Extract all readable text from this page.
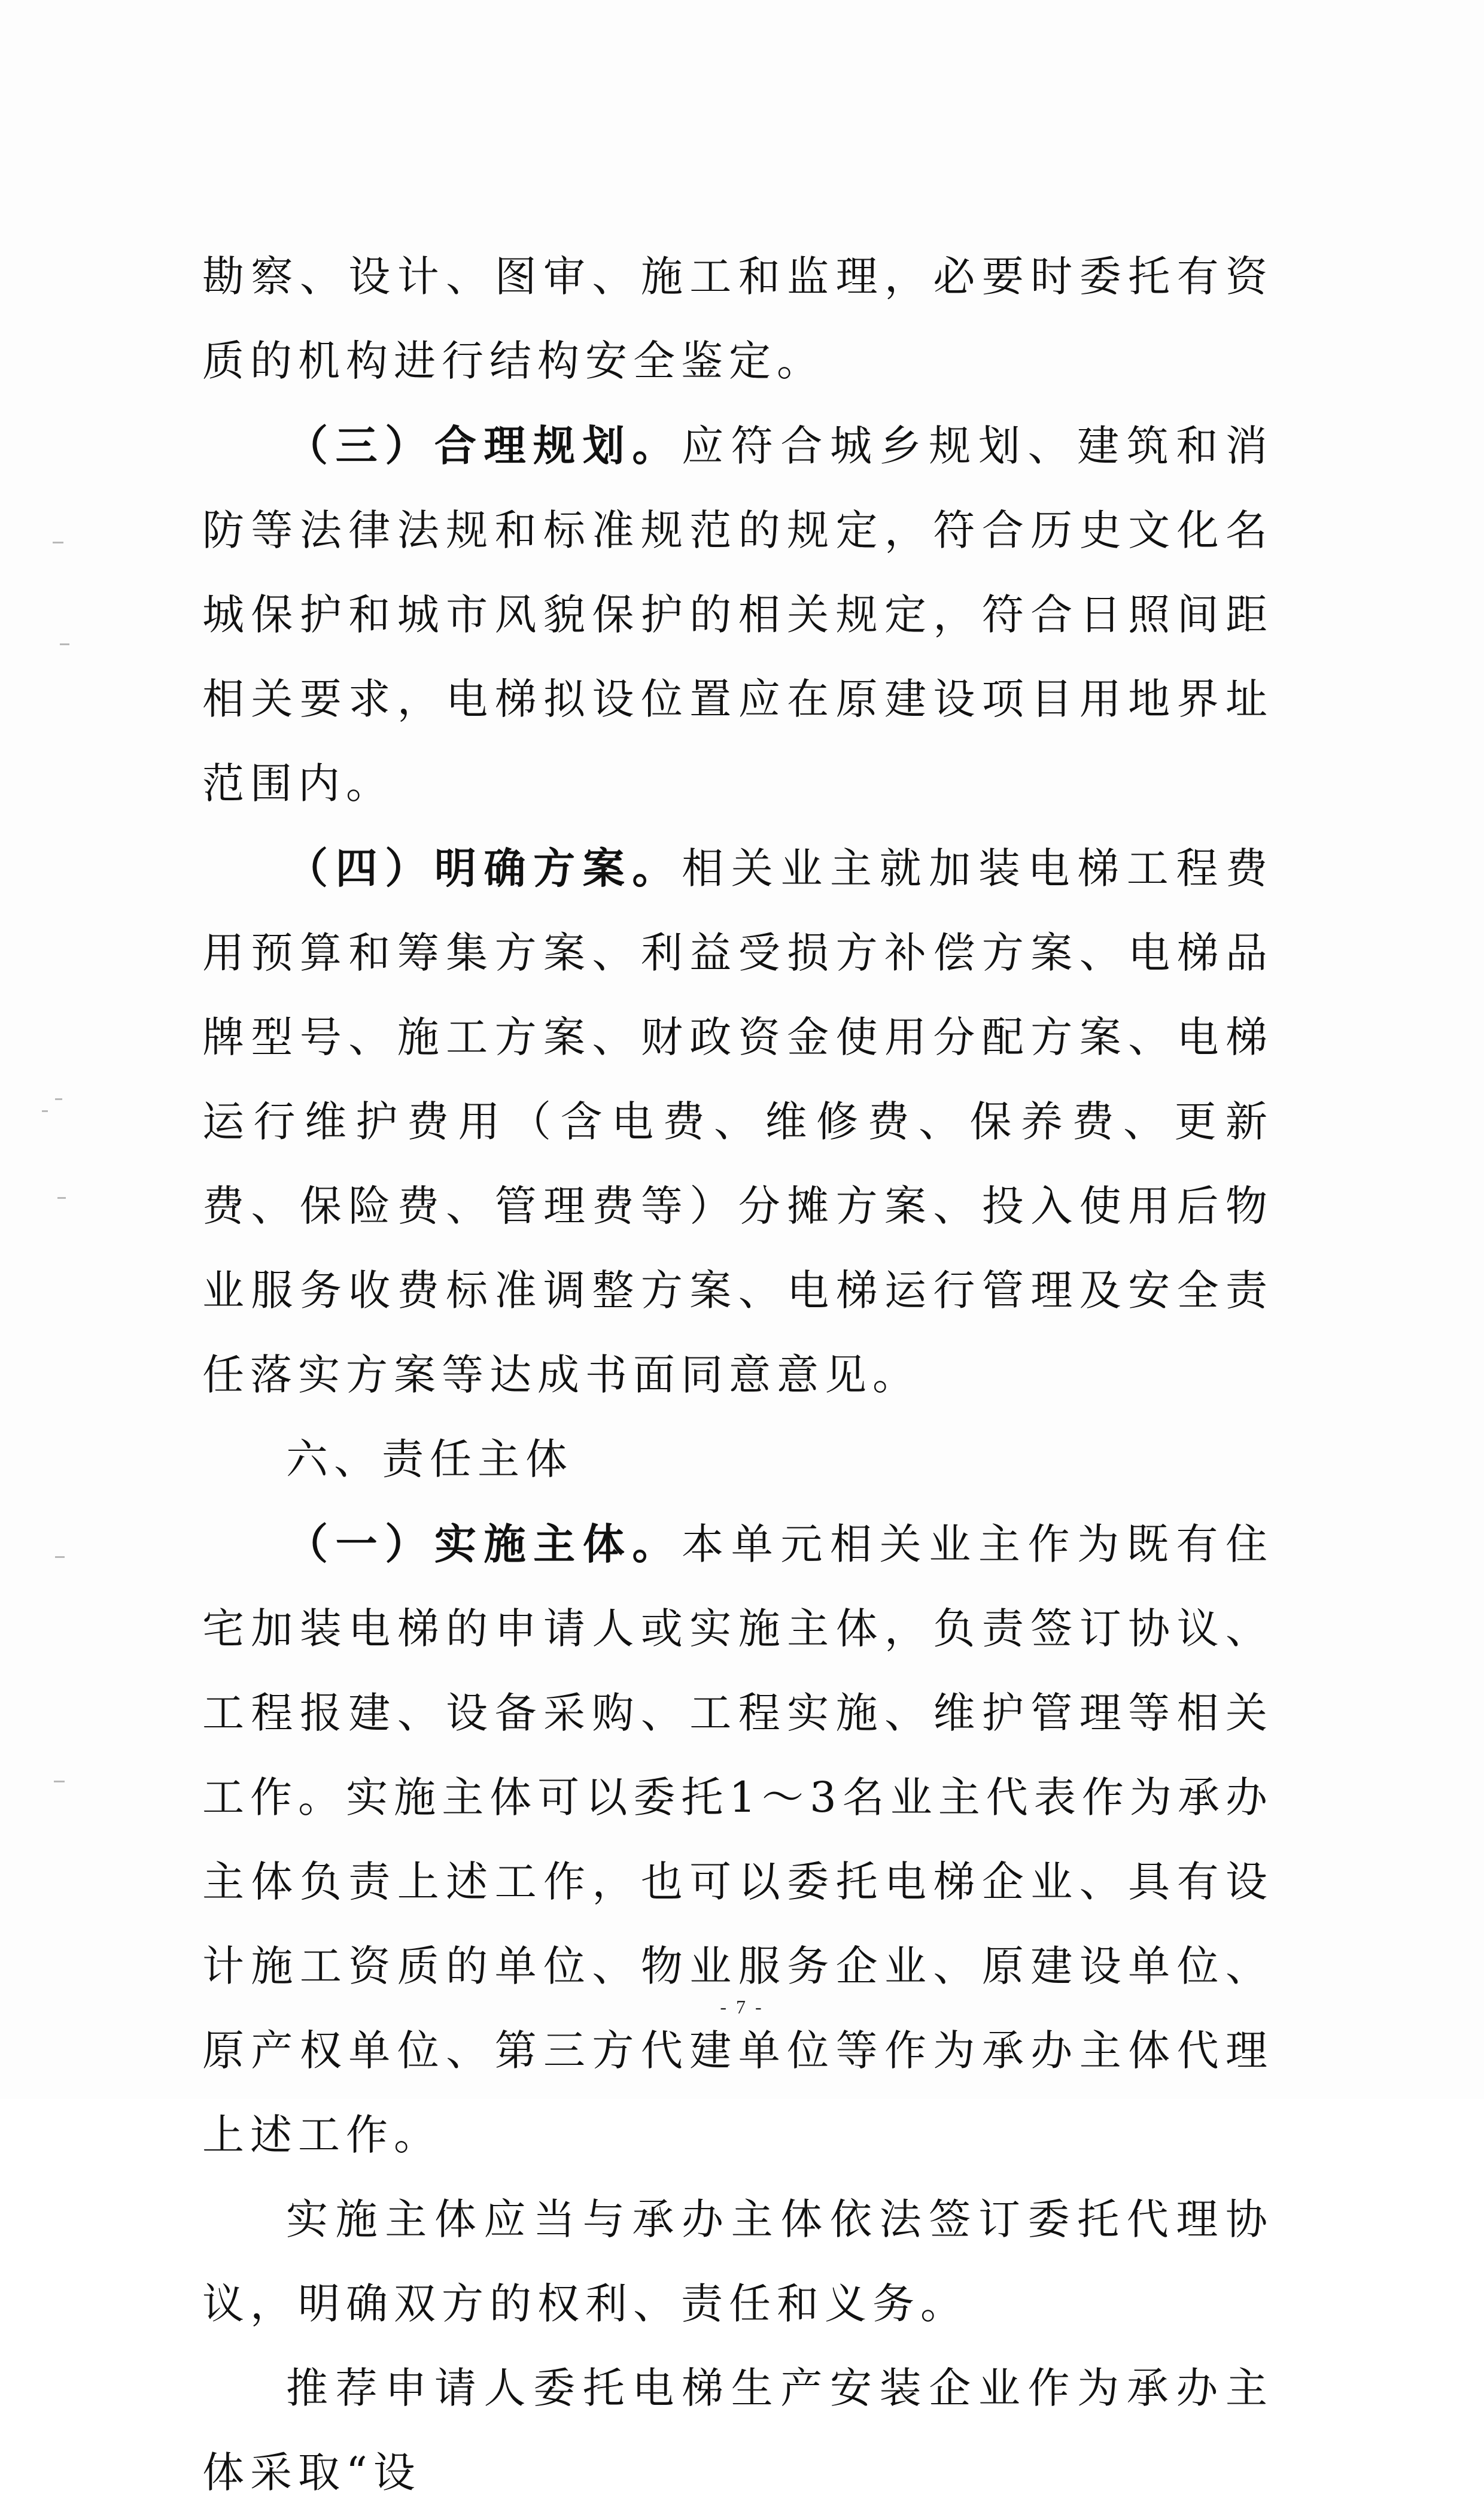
勘察、设计、图审、施工和监理，必要时委托有资质的机构进行结构安全鉴定。

（三）合理规划。应符合城乡规划、建筑和消防等法律法规和标准规范的规定，符合历史文化名城保护和城市风貌保护的相关规定，符合日照间距相关要求，电梯拟设位置应在原建设项目用地界址范围内。

（四）明确方案。相关业主就加装电梯工程费用预算和筹集方案、利益受损方补偿方案、电梯品牌型号、施工方案、财政资金使用分配方案、电梯运行维护费用（含电费、维修费、保养费、更新费、保险费、管理费等）分摊方案、投入使用后物业服务收费标准调整方案、电梯运行管理及安全责任落实方案等达成书面同意意见。

六、责任主体

（一）实施主体。本单元相关业主作为既有住宅加装电梯的申请人或实施主体，负责签订协议、工程报建、设备采购、工程实施、维护管理等相关工作。实施主体可以委托1～3名业主代表作为承办主体负责上述工作，也可以委托电梯企业、具有设计施工资质的单位、物业服务企业、原建设单位、原产权单位、第三方代建单位等作为承办主体代理上述工作。

实施主体应当与承办主体依法签订委托代理协议，明确双方的权利、责任和义务。

推荐申请人委托电梯生产安装企业作为承办主体采取“设

- 7 -
